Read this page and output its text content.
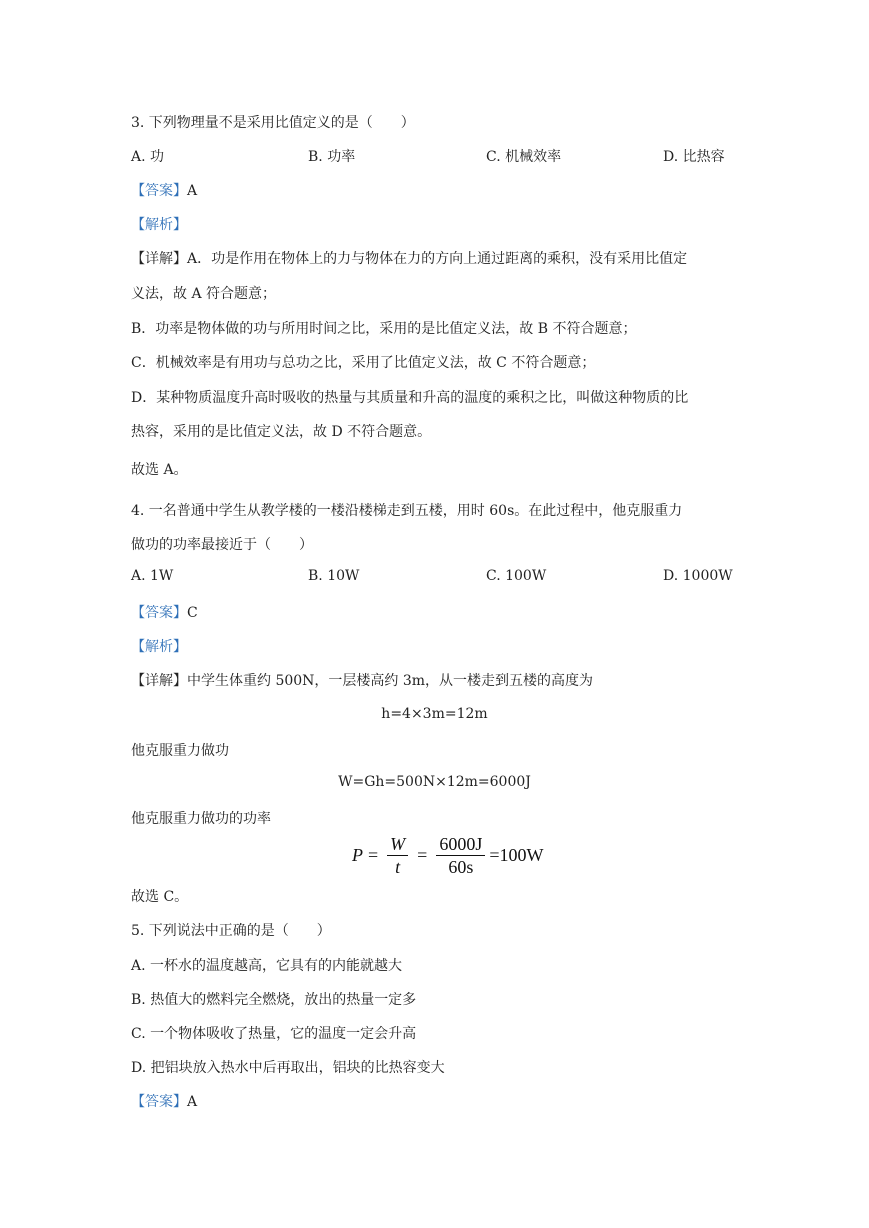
3. 下列物理量不是采用比值定义的是（　　）
A. 功	B. 功率	C. 机械效率	D. 比热容
【答案】A
【解析】
【详解】A．功是作用在物体上的力与物体在力的方向上通过距离的乘积，没有采用比值定
义法，故 A 符合题意；
B．功率是物体做的功与所用时间之比，采用的是比值定义法，故 B 不符合题意；
C．机械效率是有用功与总功之比，采用了比值定义法，故 C 不符合题意；
D．某种物质温度升高时吸收的热量与其质量和升高的温度的乘积之比，叫做这种物质的比
热容，采用的是比值定义法，故 D 不符合题意。
故选 A。
4. 一名普通中学生从教学楼的一楼沿楼梯走到五楼，用时 60s。在此过程中，他克服重力
做功的功率最接近于（　　）
A. 1W	B. 10W	C. 100W	D. 1000W
【答案】C
【解析】
【详解】中学生体重约 500N，一层楼高约 3m，从一楼走到五楼的高度为
h=4×3m=12m
他克服重力做功
W=Gh=500N×12m=6000J
他克服重力做功的功率
$P = \frac{W}{t} = \frac{6000J}{60s} =100W$
故选 C。
5. 下列说法中正确的是（　　）
A. 一杯水的温度越高，它具有的内能就越大
B. 热值大的燃料完全燃烧，放出的热量一定多
C. 一个物体吸收了热量，它的温度一定会升高
D. 把铝块放入热水中后再取出，铝块的比热容变大
【答案】A
